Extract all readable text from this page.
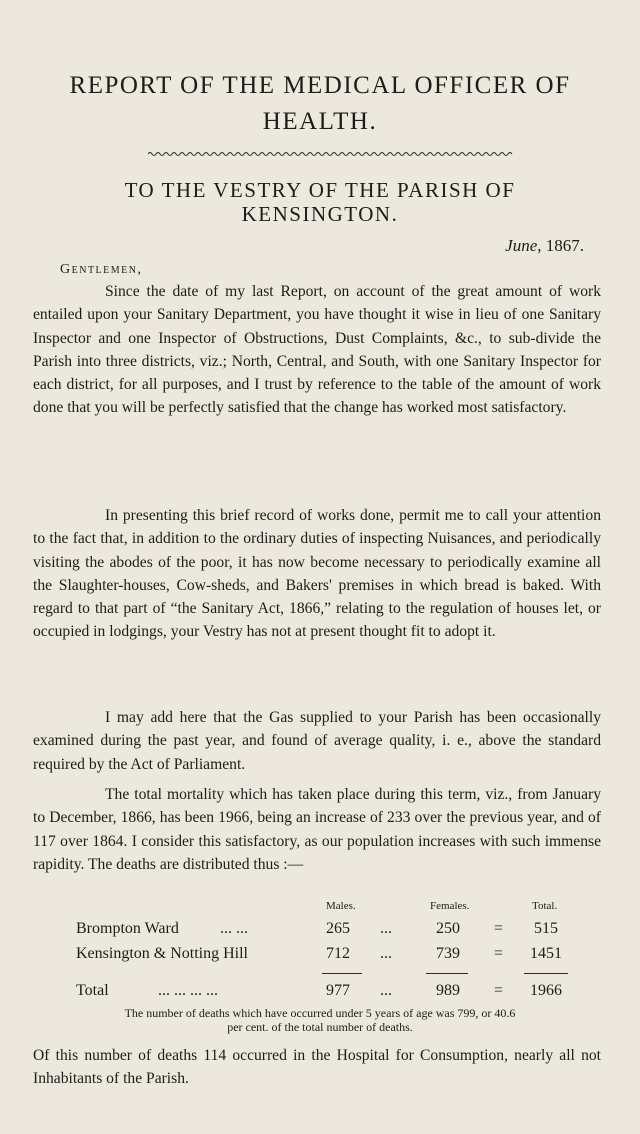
REPORT OF THE MEDICAL OFFICER OF
HEALTH.
TO THE VESTRY OF THE PARISH OF
KENSINGTON.
June, 1867.
Gentlemen,
Since the date of my last Report, on account of the great amount of work entailed upon your Sanitary Department, you have thought it wise in lieu of one Sanitary Inspector and one Inspector of Obstructions, Dust Complaints, &c., to sub-divide the Parish into three districts, viz.; North, Central, and South, with one Sanitary Inspector for each district, for all purposes, and I trust by reference to the table of the amount of work done that you will be perfectly satisfied that the change has worked most satisfactory.
In presenting this brief record of works done, permit me to call your attention to the fact that, in addition to the ordinary duties of inspecting Nuisances, and periodically visiting the abodes of the poor, it has now become necessary to periodically examine all the Slaughter-houses, Cow-sheds, and Bakers' premises in which bread is baked. With regard to that part of “the Sanitary Act, 1866,” relating to the regulation of houses let, or occupied in lodgings, your Vestry has not at present thought fit to adopt it.
I may add here that the Gas supplied to your Parish has been occasionally examined during the past year, and found of average quality, i. e., above the standard required by the Act of Parliament.
The total mortality which has taken place during this term, viz., from January to December, 1866, has been 1966, being an increase of 233 over the previous year, and of 117 over 1864. I consider this satisfactory, as our population increases with such immense rapidity. The deaths are distributed thus :—
Males.	Females.	Total.
Brompton Ward	... ...	265 ...	250 = 515
Kensington & Notting Hill	712 ...	739 = 1451
Total	... ... ... ...	977 ...	989 = 1966
The number of deaths which have occurred under 5 years of age was 799, or 40.6
per cent. of the total number of deaths.
Of this number of deaths 114 occurred in the Hospital for Consumption, nearly all not Inhabitants of the Parish.
